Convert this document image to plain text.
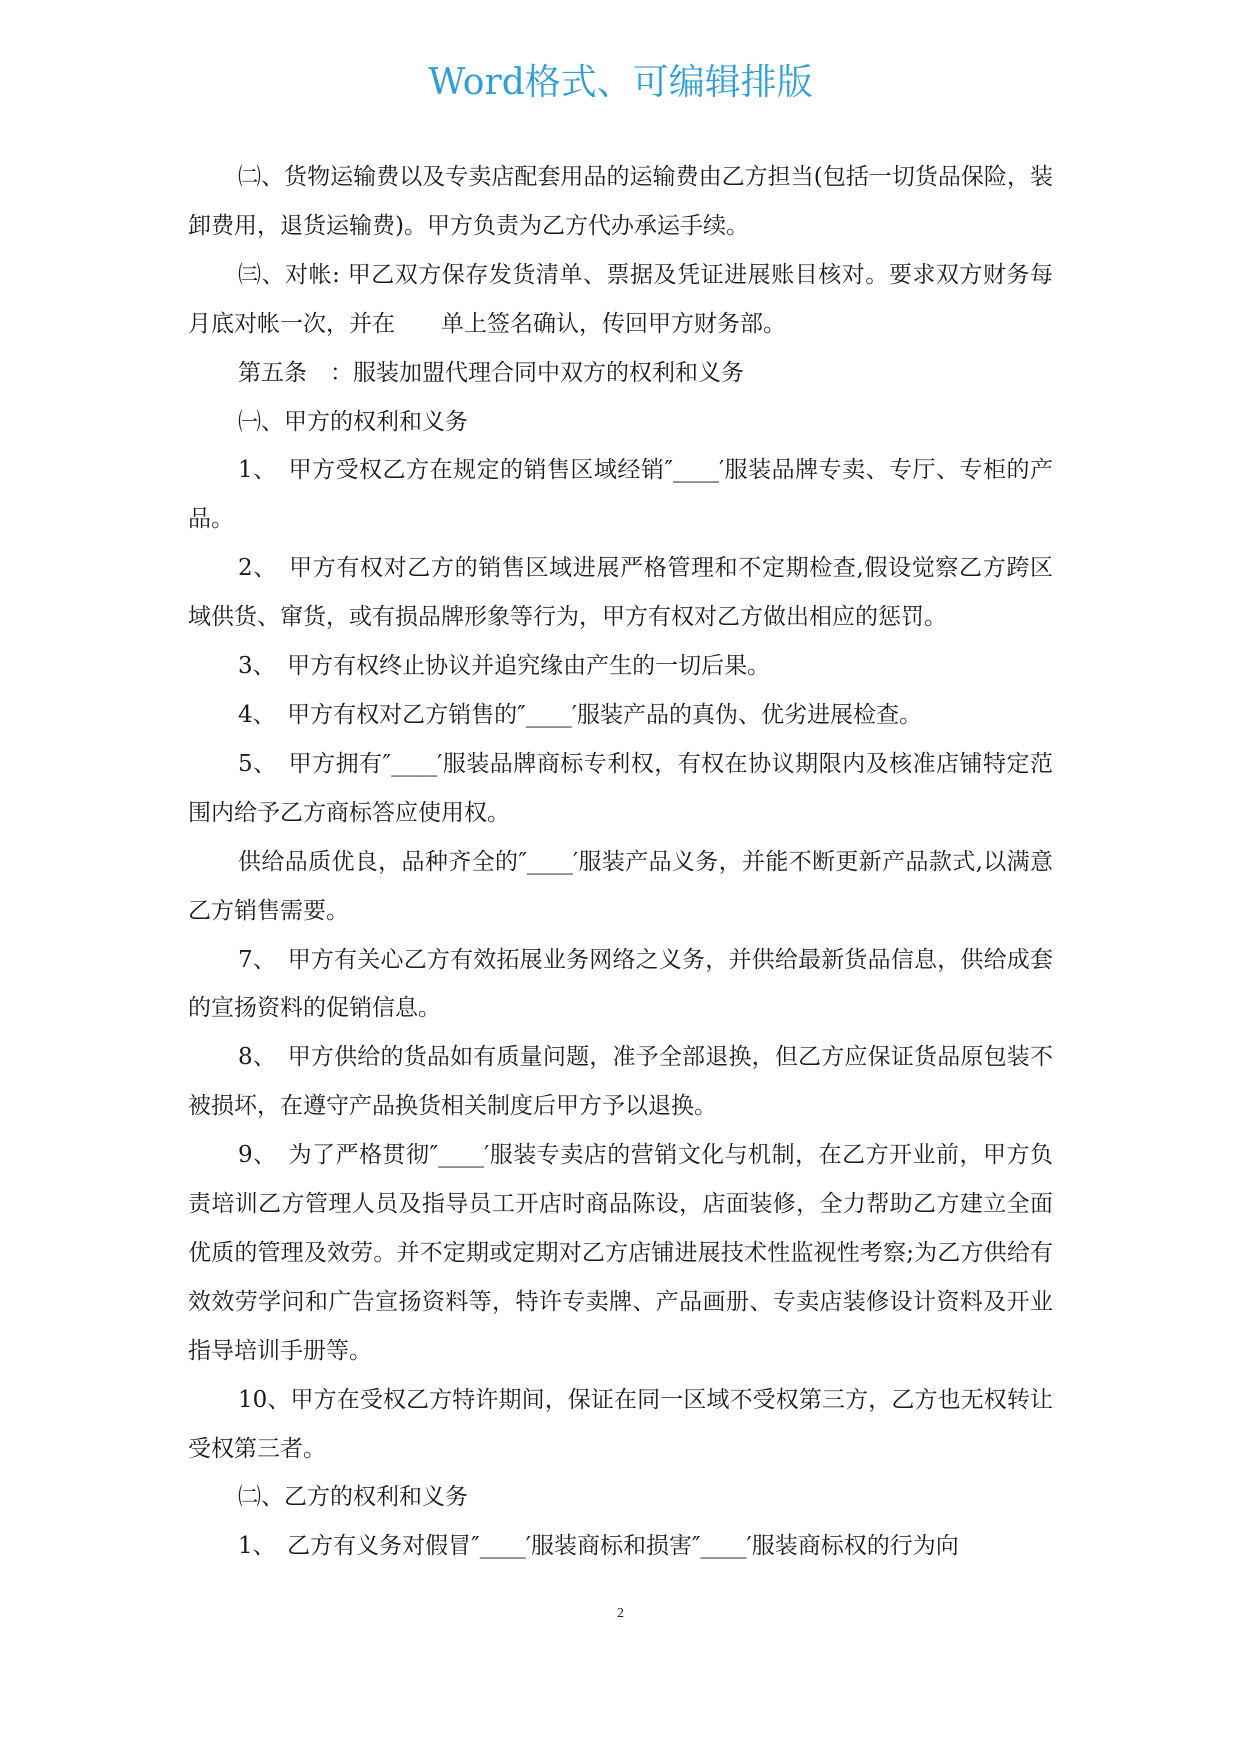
Word格式、可编辑排版

㈡、货物运输费以及专卖店配套用品的运输费由乙方担当(包括一切货品保险，装卸费用，退货运输费)。甲方负责为乙方代办承运手续。

㈢、对帐: 甲乙双方保存发货清单、票据及凭证进展账目核对。要求双方财务每月底对帐一次，并在　　单上签名确认，传回甲方财务部。

第五条　：服装加盟代理合同中双方的权利和义务

㈠、甲方的权利和义务

1、　甲方受权乙方在规定的销售区域经销″____′服装品牌专卖、专厅、专柜的产品。

2、　甲方有权对乙方的销售区域进展严格管理和不定期检查,假设觉察乙方跨区域供货、窜货，或有损品牌形象等行为，甲方有权对乙方做出相应的惩罚。

3、　甲方有权终止协议并追究缘由产生的一切后果。

4、　甲方有权对乙方销售的″____′服装产品的真伪、优劣进展检查。

5、　甲方拥有″____′服装品牌商标专利权，有权在协议期限内及核准店铺特定范围内给予乙方商标答应使用权。

供给品质优良，品种齐全的″____′服装产品义务，并能不断更新产品款式,以满意乙方销售需要。

7、　甲方有关心乙方有效拓展业务网络之义务，并供给最新货品信息，供给成套的宣扬资料的促销信息。

8、　甲方供给的货品如有质量问题，准予全部退换，但乙方应保证货品原包装不被损坏，在遵守产品换货相关制度后甲方予以退换。

9、　为了严格贯彻″____′服装专卖店的营销文化与机制，在乙方开业前，甲方负责培训乙方管理人员及指导员工开店时商品陈设，店面装修，全力帮助乙方建立全面优质的管理及效劳。并不定期或定期对乙方店铺进展技术性监视性考察;为乙方供给有效效劳学问和广告宣扬资料等，特许专卖牌、产品画册、专卖店装修设计资料及开业指导培训手册等。

10、甲方在受权乙方特许期间，保证在同一区域不受权第三方，乙方也无权转让受权第三者。

㈡、乙方的权利和义务

1、　乙方有义务对假冒″____′服装商标和损害″____′服装商标权的行为向

2
